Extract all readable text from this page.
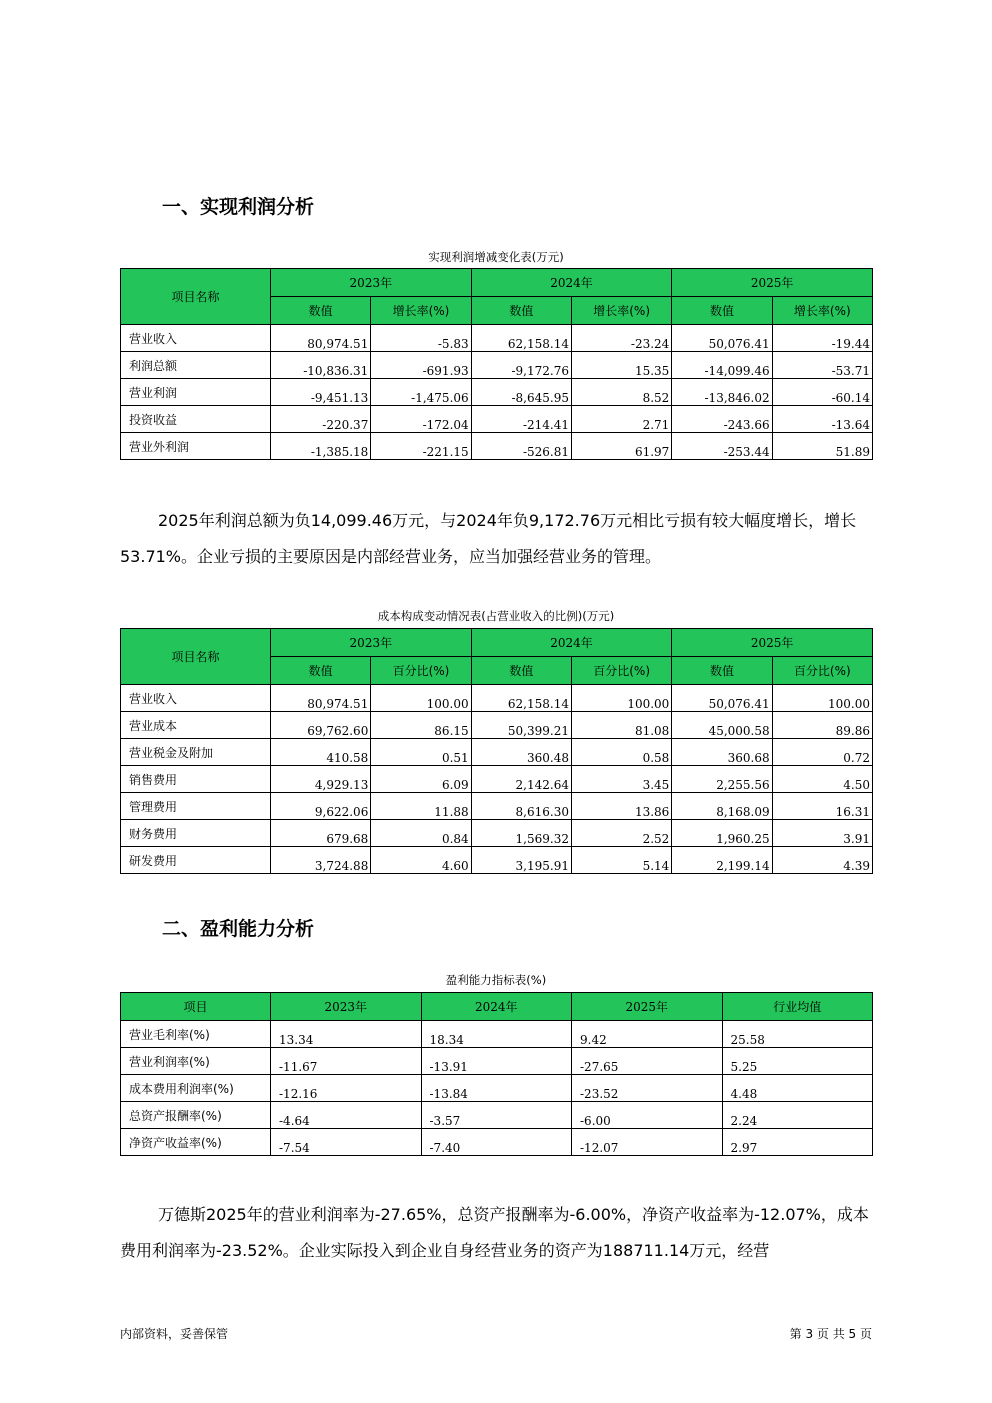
一、实现利润分析
实现利润增减变化表(万元)
项目名称	2023年		2024年		2025年	
	数值	增长率(%)	数值	增长率(%)	数值	增长率(%)
营业收入	80,974.51	-5.83	62,158.14	-23.24	50,076.41	-19.44
利润总额	-10,836.31	-691.93	-9,172.76	15.35	-14,099.46	-53.71
营业利润	-9,451.13	-1,475.06	-8,645.95	8.52	-13,846.02	-60.14
投资收益	-220.37	-172.04	-214.41	2.71	-243.66	-13.64
营业外利润	-1,385.18	-221.15	-526.81	61.97	-253.44	51.89

2025年利润总额为负14,099.46万元，与2024年负9,172.76万元相比亏损有较大幅度增长，增长53.71%。企业亏损的主要原因是内部经营业务，应当加强经营业务的管理。

成本构成变动情况表(占营业收入的比例)(万元)
项目名称	2023年		2024年		2025年	
	数值	百分比(%)	数值	百分比(%)	数值	百分比(%)
营业收入	80,974.51	100.00	62,158.14	100.00	50,076.41	100.00
营业成本	69,762.60	86.15	50,399.21	81.08	45,000.58	89.86
营业税金及附加	410.58	0.51	360.48	0.58	360.68	0.72
销售费用	4,929.13	6.09	2,142.64	3.45	2,255.56	4.50
管理费用	9,622.06	11.88	8,616.30	13.86	8,168.09	16.31
财务费用	679.68	0.84	1,569.32	2.52	1,960.25	3.91
研发费用	3,724.88	4.60	3,195.91	5.14	2,199.14	4.39
二、盈利能力分析
盈利能力指标表(%)
项目	2023年	2024年	2025年	行业均值
营业毛利率(%)	13.34	18.34	9.42	25.58
营业利润率(%)	-11.67	-13.91	-27.65	5.25
成本费用利润率(%)	-12.16	-13.84	-23.52	4.48
总资产报酬率(%)	-4.64	-3.57	-6.00	2.24
净资产收益率(%)	-7.54	-7.40	-12.07	2.97

万德斯2025年的营业利润率为-27.65%，总资产报酬率为-6.00%，净资产收益率为-12.07%，成本费用利润率为-23.52%。企业实际投入到企业自身经营业务的资产为188711.14万元，经营

内部资料，妥善保管	第 3 页 共 5 页
